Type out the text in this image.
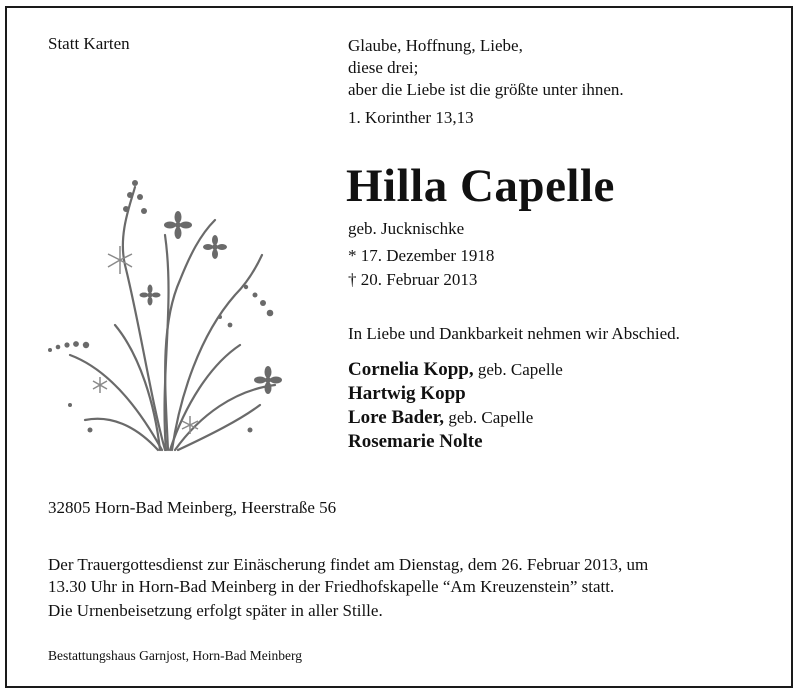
Statt Karten	Glaube, Hoffnung, Liebe,
diese drei;
aber die Liebe ist die größte unter ihnen.
1. Korinther 13,13
Hilla Capelle
geb. Jucknischke
* 17. Dezember 1918
† 20. Februar 2013
In Liebe und Dankbarkeit nehmen wir Abschied.
Cornelia Kopp, geb. Capelle
Hartwig Kopp
Lore Bader, geb. Capelle
Rosemarie Nolte
32805 Horn-Bad Meinberg, Heerstraße 56
Der Trauergottesdienst zur Einäscherung findet am Dienstag, dem 26. Februar 2013, um
13.30 Uhr in Horn-Bad Meinberg in der Friedhofskapelle “Am Kreuzenstein” statt.
Die Urnenbeisetzung erfolgt später in aller Stille.
Bestattungshaus Garnjost, Horn-Bad Meinberg
